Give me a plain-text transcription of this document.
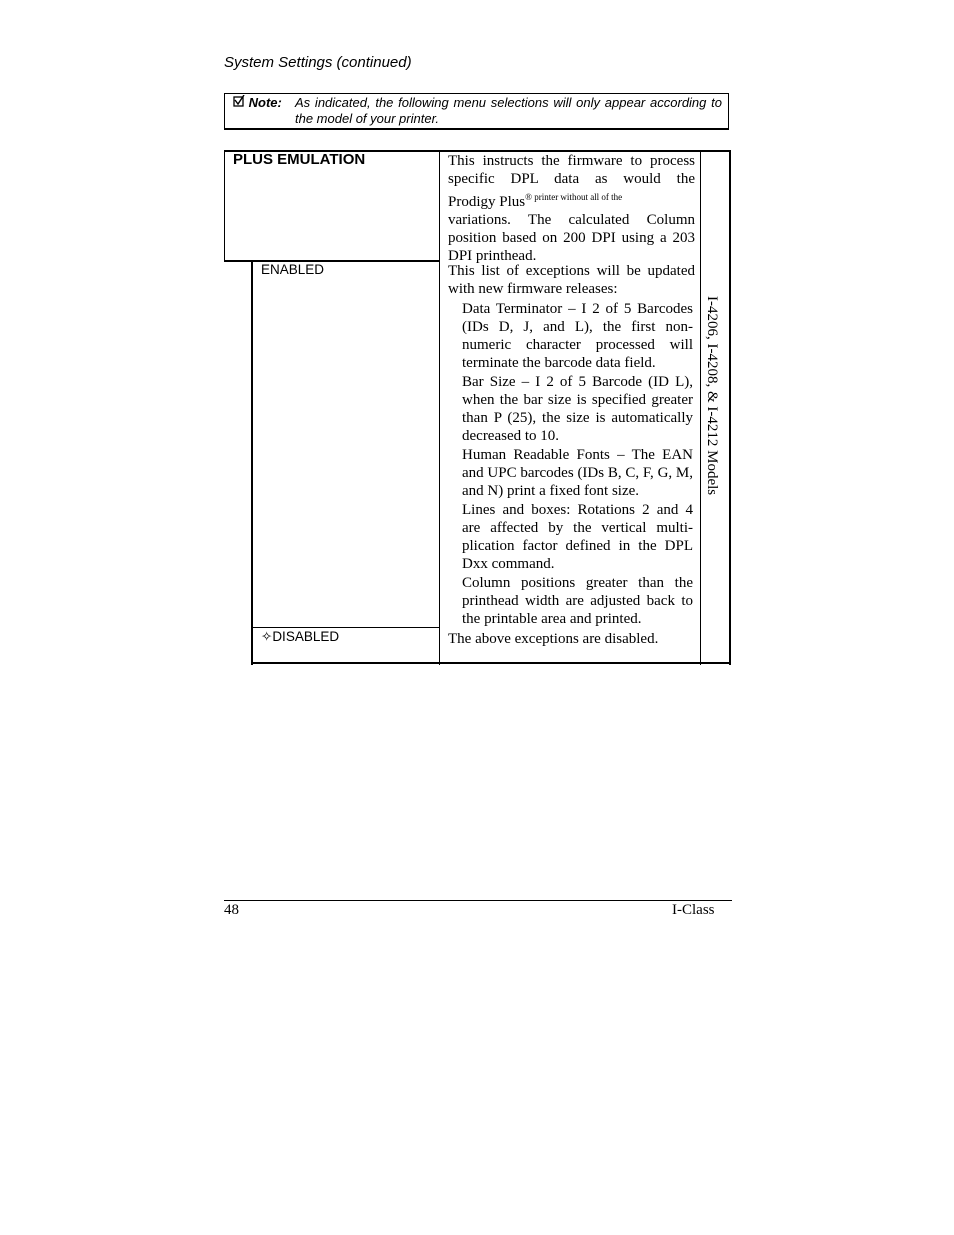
System Settings (continued)
Note: As indicated, the following menu selections will only appear according to the model of your printer.
PLUS EMULATION	This instructs the firmware to process
specific DPL data as would the
Prodigy Plus$^{® printer without all of the}$
variations. The calculated Column
position based on 200 DPI using a 203
DPI printhead.
ENABLED	This list of exceptions will be updated
with new firmware releases:

Data Terminator – I 2 of 5 Barcodes (IDs D, J, and L), the first non-numeric character processed will terminate the barcode data field.

Bar Size – I 2 of 5 Barcode (ID L), when the bar size is specified greater than P (25), the size is automatically decreased to 10.

Human Readable Fonts – The EAN and UPC barcodes (IDs B, C, F, G, M, and N) print a fixed font size.

Lines and boxes: Rotations 2 and 4 are affected by the vertical multi-plication factor defined in the DPL Dxx command.

Column positions greater than the printhead width are adjusted back to the printable area and printed.

✧DISABLED	The above exceptions are disabled.
I-4206, I-4208, & I-4212 Models
48	I-Class
